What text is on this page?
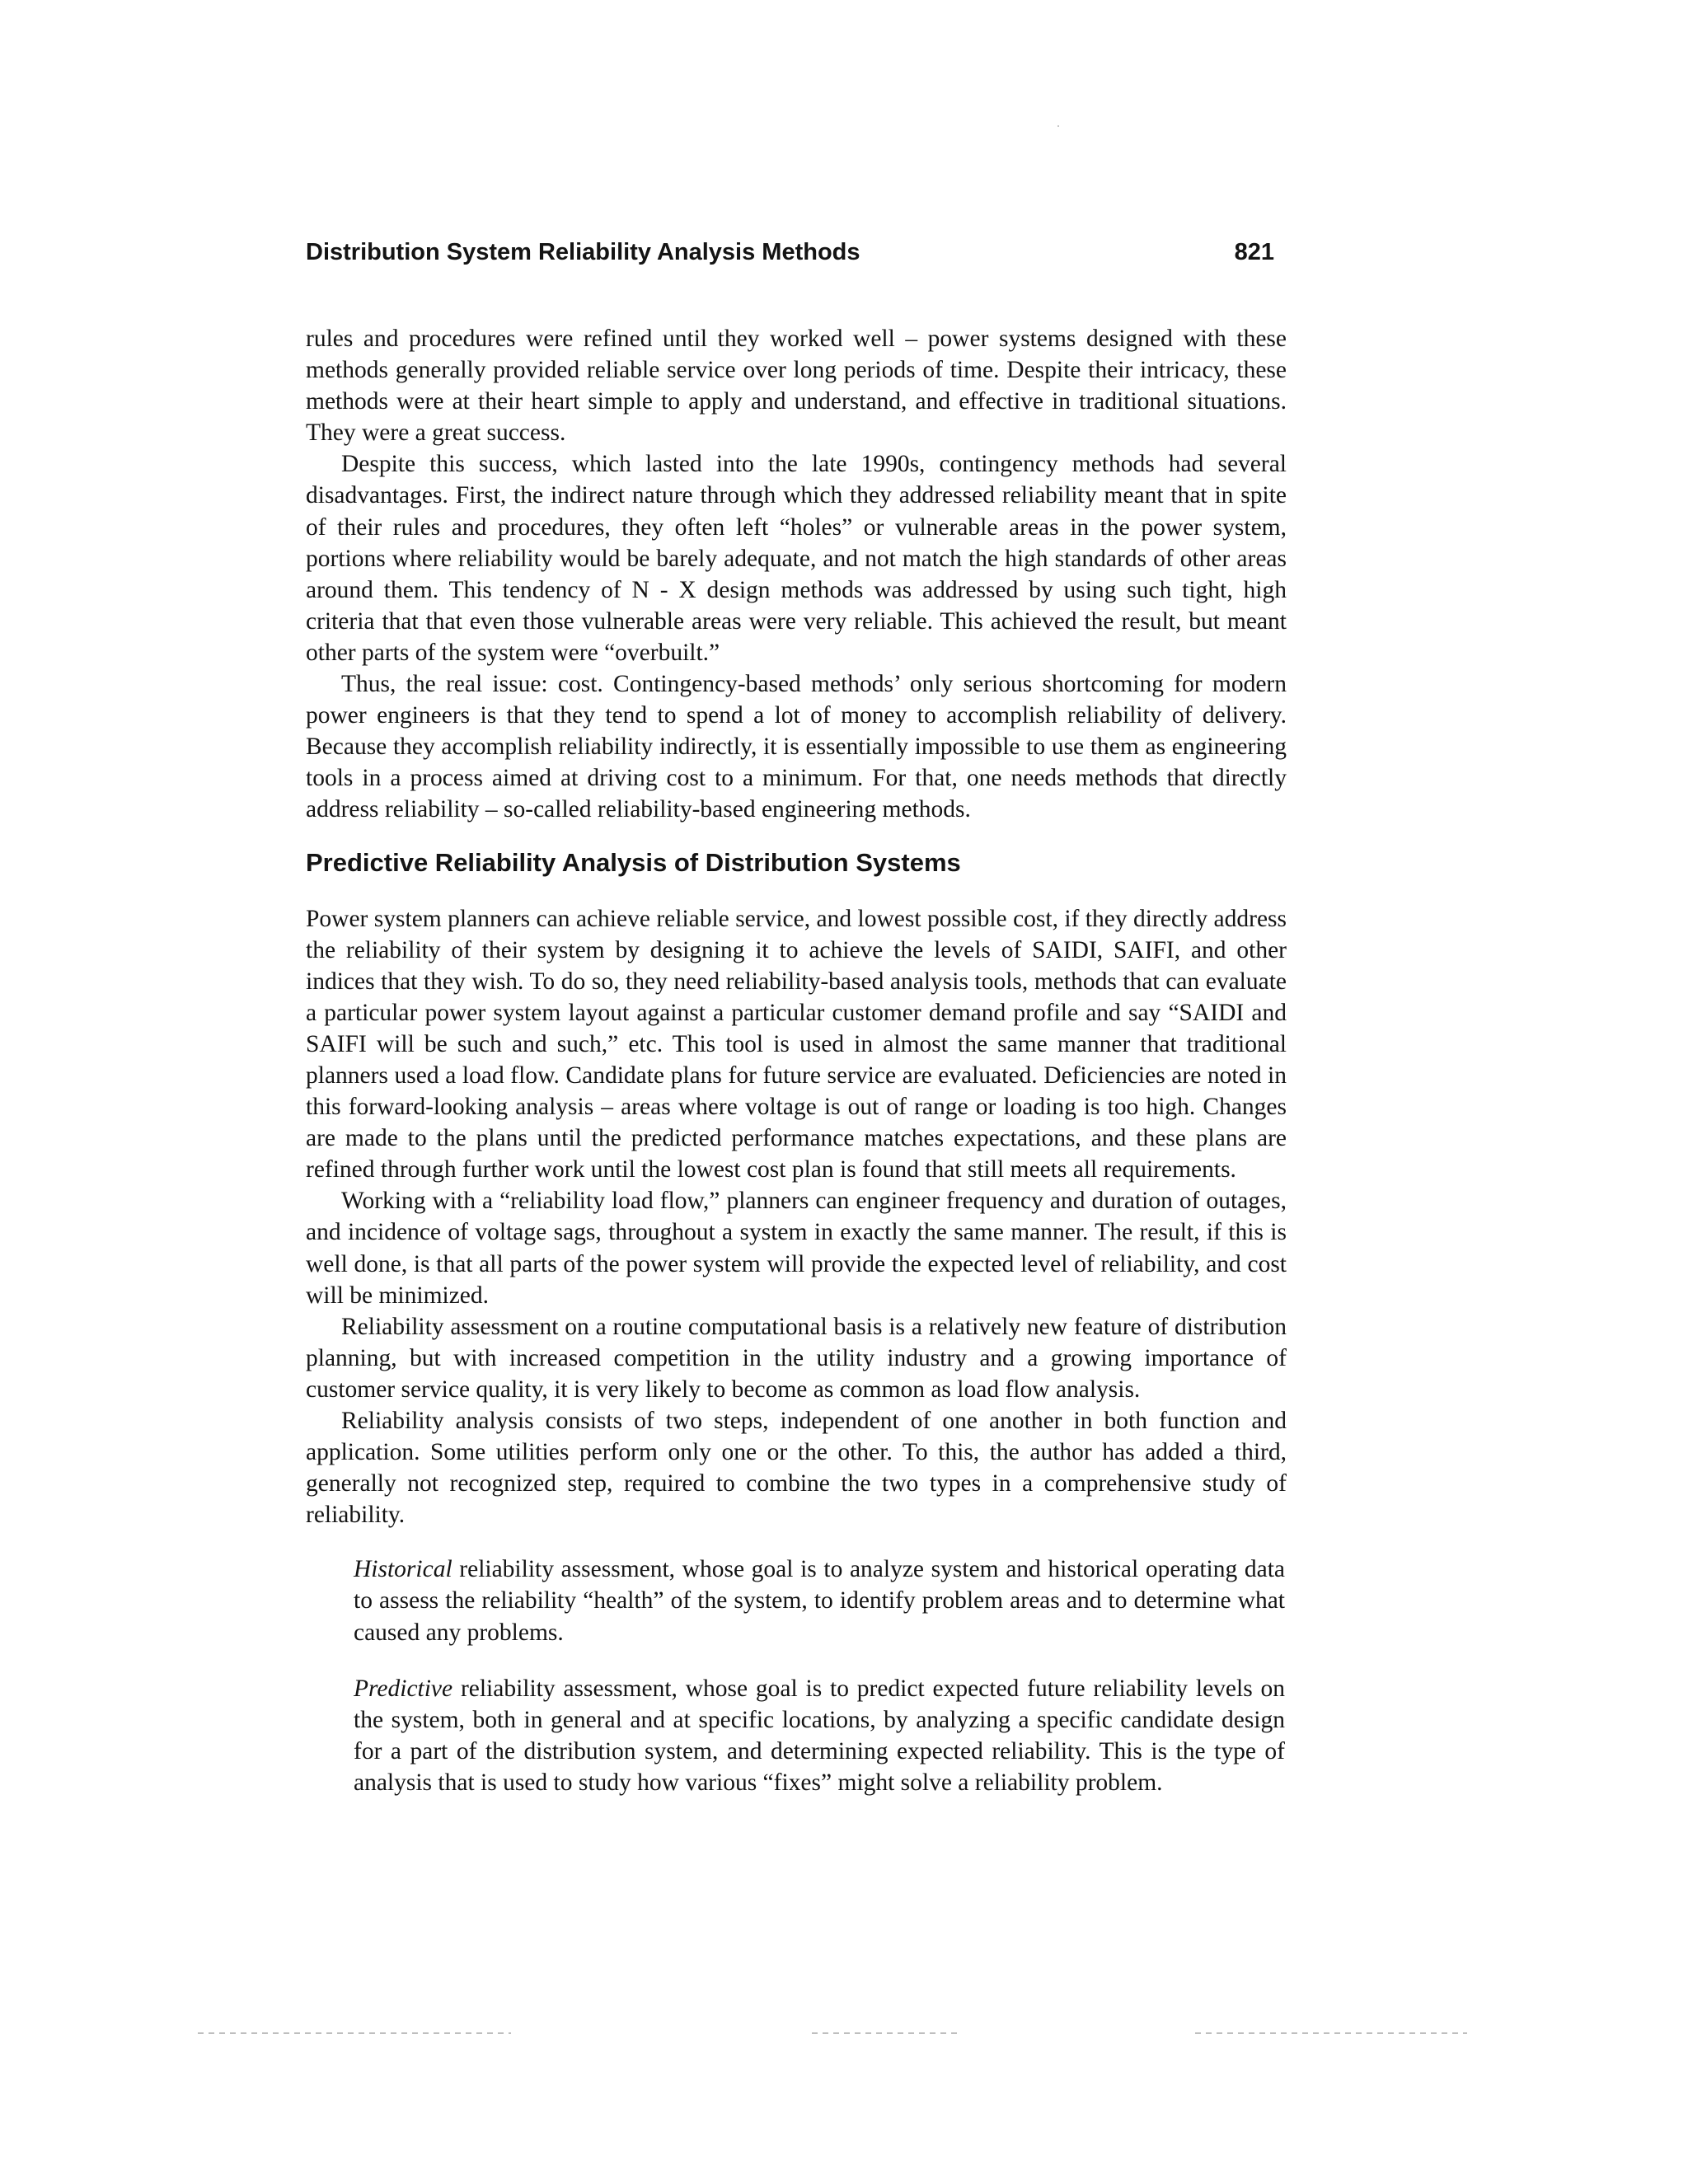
Distribution System Reliability Analysis Methods	821

rules and procedures were refined until they worked well – power systems designed with these methods generally provided reliable service over long periods of time. Despite their intricacy, these methods were at their heart simple to apply and understand, and effective in traditional situations. They were a great success.

Despite this success, which lasted into the late 1990s, contingency methods had several disadvantages. First, the indirect nature through which they addressed reliability meant that in spite of their rules and procedures, they often left “holes” or vulnerable areas in the power system, portions where reliability would be barely adequate, and not match the high standards of other areas around them. This tendency of N - X design methods was addressed by using such tight, high criteria that that even those vulnerable areas were very reliable. This achieved the result, but meant other parts of the system were “overbuilt.”

Thus, the real issue: cost. Contingency-based methods’ only serious shortcoming for modern power engineers is that they tend to spend a lot of money to accomplish reliability of delivery. Because they accomplish reliability indirectly, it is essentially impossible to use them as engineering tools in a process aimed at driving cost to a minimum. For that, one needs methods that directly address reliability – so-called reliability-based engineering methods.

Predictive Reliability Analysis of Distribution Systems

Power system planners can achieve reliable service, and lowest possible cost, if they directly address the reliability of their system by designing it to achieve the levels of SAIDI, SAIFI, and other indices that they wish. To do so, they need reliability-based analysis tools, methods that can evaluate a particular power system layout against a particular customer demand profile and say “SAIDI and SAIFI will be such and such,” etc. This tool is used in almost the same manner that traditional planners used a load flow. Candidate plans for future service are evaluated. Deficiencies are noted in this forward-looking analysis – areas where voltage is out of range or loading is too high. Changes are made to the plans until the predicted performance matches expectations, and these plans are refined through further work until the lowest cost plan is found that still meets all requirements.

Working with a “reliability load flow,” planners can engineer frequency and duration of outages, and incidence of voltage sags, throughout a system in exactly the same manner. The result, if this is well done, is that all parts of the power system will provide the expected level of reliability, and cost will be minimized.

Reliability assessment on a routine computational basis is a relatively new feature of distribution planning, but with increased competition in the utility industry and a growing importance of customer service quality, it is very likely to become as common as load flow analysis.

Reliability analysis consists of two steps, independent of one another in both function and application. Some utilities perform only one or the other. To this, the author has added a third, generally not recognized step, required to combine the two types in a comprehensive study of reliability.

Historical reliability assessment, whose goal is to analyze system and historical operating data to assess the reliability “health” of the system, to identify problem areas and to determine what caused any problems.

Predictive reliability assessment, whose goal is to predict expected future reliability levels on the system, both in general and at specific locations, by analyzing a specific candidate design for a part of the distribution system, and determining expected reliability. This is the type of analysis that is used to study how various “fixes” might solve a reliability problem.
